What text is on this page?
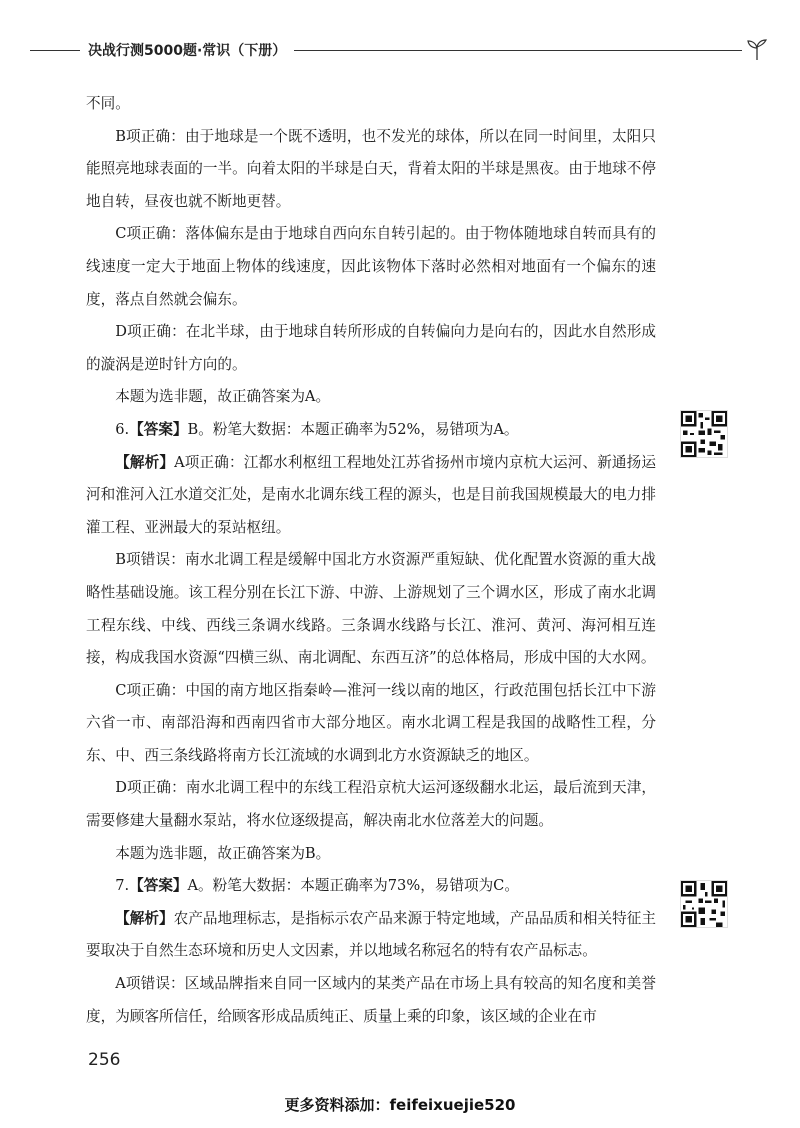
决战行测5000题·常识（下册）

不同。

B项正确：由于地球是一个既不透明，也不发光的球体，所以在同一时间里，太阳只能照亮地球表面的一半。向着太阳的半球是白天，背着太阳的半球是黑夜。由于地球不停地自转，昼夜也就不断地更替。

C项正确：落体偏东是由于地球自西向东自转引起的。由于物体随地球自转而具有的线速度一定大于地面上物体的线速度，因此该物体下落时必然相对地面有一个偏东的速度，落点自然就会偏东。

D项正确：在北半球，由于地球自转所形成的自转偏向力是向右的，因此水自然形成的漩涡是逆时针方向的。

本题为选非题，故正确答案为A。

6.【答案】B。粉笔大数据：本题正确率为52%，易错项为A。

【解析】A项正确：江都水利枢纽工程地处江苏省扬州市境内京杭大运河、新通扬运河和淮河入江水道交汇处，是南水北调东线工程的源头，也是目前我国规模最大的电力排灌工程、亚洲最大的泵站枢纽。

B项错误：南水北调工程是缓解中国北方水资源严重短缺、优化配置水资源的重大战略性基础设施。该工程分别在长江下游、中游、上游规划了三个调水区，形成了南水北调工程东线、中线、西线三条调水线路。三条调水线路与长江、淮河、黄河、海河相互连接，构成我国水资源“四横三纵、南北调配、东西互济”的总体格局，形成中国的大水网。

C项正确：中国的南方地区指秦岭—淮河一线以南的地区，行政范围包括长江中下游六省一市、南部沿海和西南四省市大部分地区。南水北调工程是我国的战略性工程，分东、中、西三条线路将南方长江流域的水调到北方水资源缺乏的地区。

D项正确：南水北调工程中的东线工程沿京杭大运河逐级翻水北运，最后流到天津，需要修建大量翻水泵站，将水位逐级提高，解决南北水位落差大的问题。

本题为选非题，故正确答案为B。

7.【答案】A。粉笔大数据：本题正确率为73%，易错项为C。

【解析】农产品地理标志，是指标示农产品来源于特定地域，产品品质和相关特征主要取决于自然生态环境和历史人文因素，并以地域名称冠名的特有农产品标志。

A项错误：区域品牌指来自同一区域内的某类产品在市场上具有较高的知名度和美誉度，为顾客所信任，给顾客形成品质纯正、质量上乘的印象，该区域的企业在市

256
更多资料添加：feifeixuejie520
